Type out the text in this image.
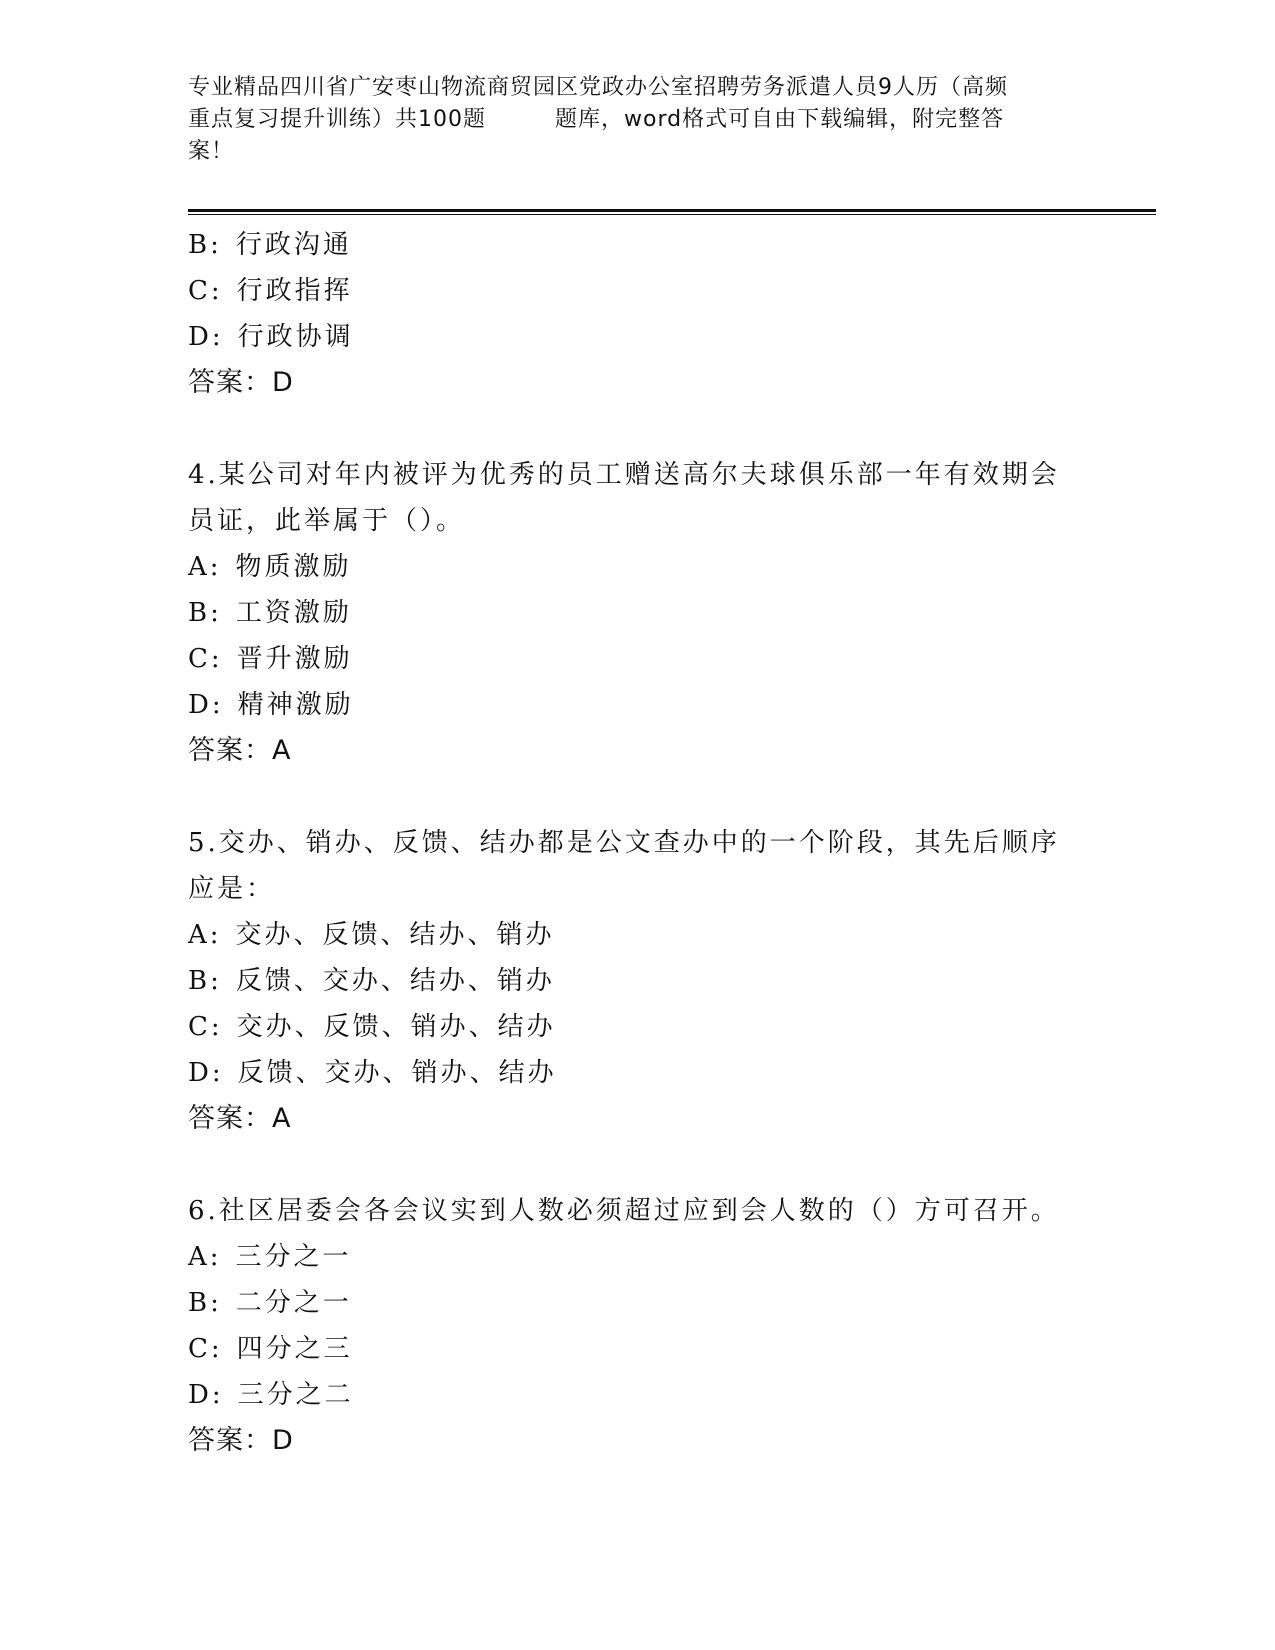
专业精品四川省广安枣山物流商贸园区党政办公室招聘劳务派遣人员9人历（高频
重点复习提升训练）共100题　　　题库，word格式可自由下载编辑，附完整答
案！
B: 行政沟通
C: 行政指挥
D: 行政协调
答案：D
4.某公司对年内被评为优秀的员工赠送高尔夫球俱乐部一年有效期会
员证，此举属于（）。
A: 物质激励
B: 工资激励
C: 晋升激励
D: 精神激励
答案：A
5.交办、销办、反馈、结办都是公文查办中的一个阶段，其先后顺序
应是：
A: 交办、反馈、结办、销办
B: 反馈、交办、结办、销办
C: 交办、反馈、销办、结办
D: 反馈、交办、销办、结办
答案：A
6.社区居委会各会议实到人数必须超过应到会人数的（）方可召开。
A: 三分之一
B: 二分之一
C: 四分之三
D: 三分之二
答案：D
